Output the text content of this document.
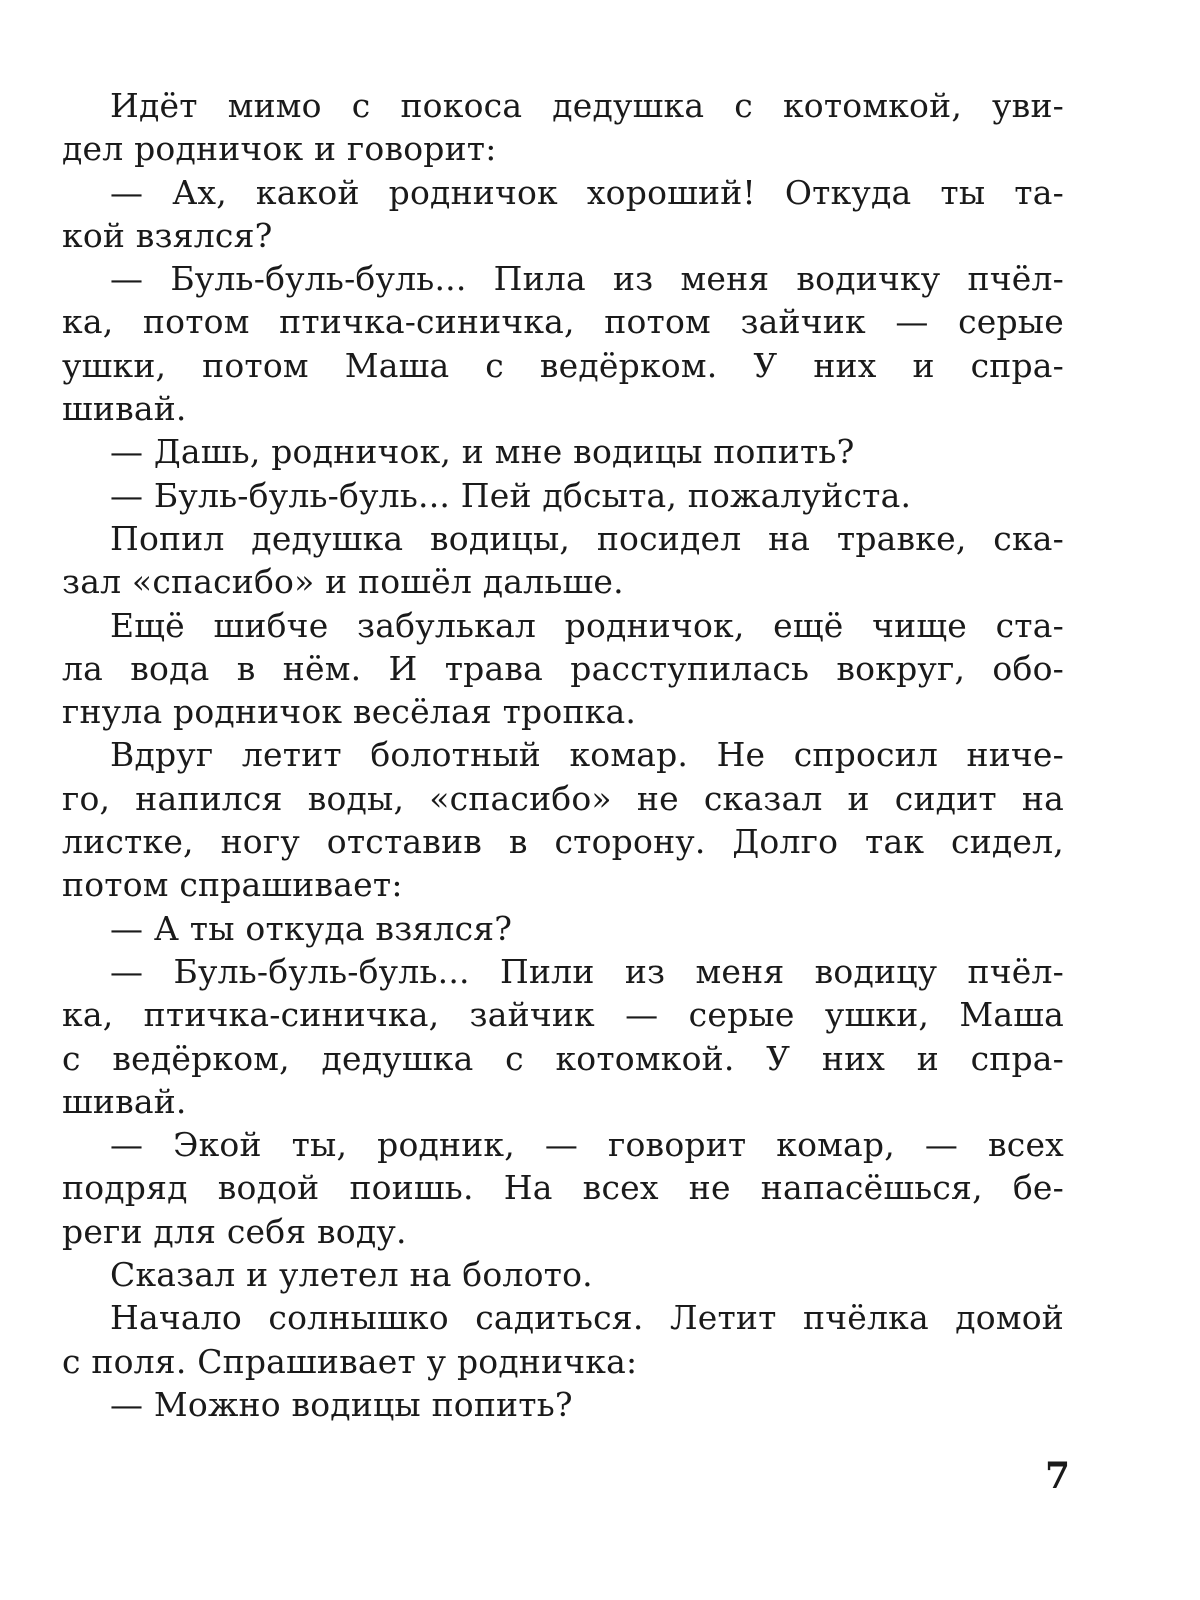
Идёт мимо с покоса дедушка с котомкой, уви-
дел родничок и говорит:
— Ах, какой родничок хороший! Откуда ты та-
кой взялся?
— Буль-буль-буль... Пила из меня водичку пчёл-
ка, потом птичка-синичка, потом зайчик — серые
ушки, потом Маша с ведёрком. У них и спра-
шивай.
— Дашь, родничок, и мне водицы попить?
— Буль-буль-буль... Пей дбсыта, пожалуйста.
Попил дедушка водицы, посидел на травке, ска-
зал «спасибо» и пошёл дальше.
Ещё шибче забулькал родничок, ещё чище ста-
ла вода в нём. И трава расступилась вокруг, обо-
гнула родничок весёлая тропка.
Вдруг летит болотный комар. Не спросил ниче-
го, напился воды, «спасибо» не сказал и сидит на
листке, ногу отставив в сторону. Долго так сидел,
потом спрашивает:
— А ты откуда взялся?
— Буль-буль-буль... Пили из меня водицу пчёл-
ка, птичка-синичка, зайчик — серые ушки, Маша
с ведёрком, дедушка с котомкой. У них и спра-
шивай.
— Экой ты, родник, — говорит комар, — всех
подряд водой поишь. На всех не напасёшься, бе-
реги для себя воду.
Сказал и улетел на болото.
Начало солнышко садиться. Летит пчёлка домой
с поля. Спрашивает у родничка:
— Можно водицы попить?
7
